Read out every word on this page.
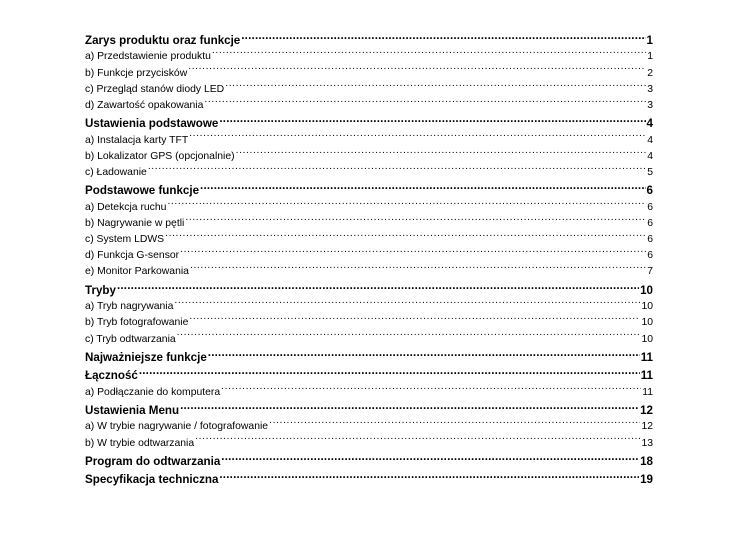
Zarys produktu oraz funkcje .....	1
a) Przedstawienie produktu .....	1
b) Funkcje przycisków .....	2
c) Przegląd stanów diody LED .....	3
d) Zawartość opakowania .....	3
Ustawienia podstawowe .....	4
a) Instalacja karty TFT .....	4
b) Lokalizator GPS (opcjonalnie) .....	4
c) Ładowanie .....	5
Podstawowe funkcje .....	6
a) Detekcja ruchu .....	6
b) Nagrywanie w pętli .....	6
c) System LDWS .....	6
d) Funkcja G-sensor .....	6
e) Monitor Parkowania .....	7
Tryby .....	10
a) Tryb nagrywania .....	10
b) Tryb fotografowanie .....	10
c) Tryb odtwarzania .....	10
Najważniejsze funkcje .....	11
Łączność .....	11
a) Podłączanie do komputera .....	11
Ustawienia Menu .....	12
a) W trybie nagrywanie / fotografowanie .....	12
b) W trybie odtwarzania .....	13
Program do odtwarzania .....	18
Specyfikacja techniczna .....	19
